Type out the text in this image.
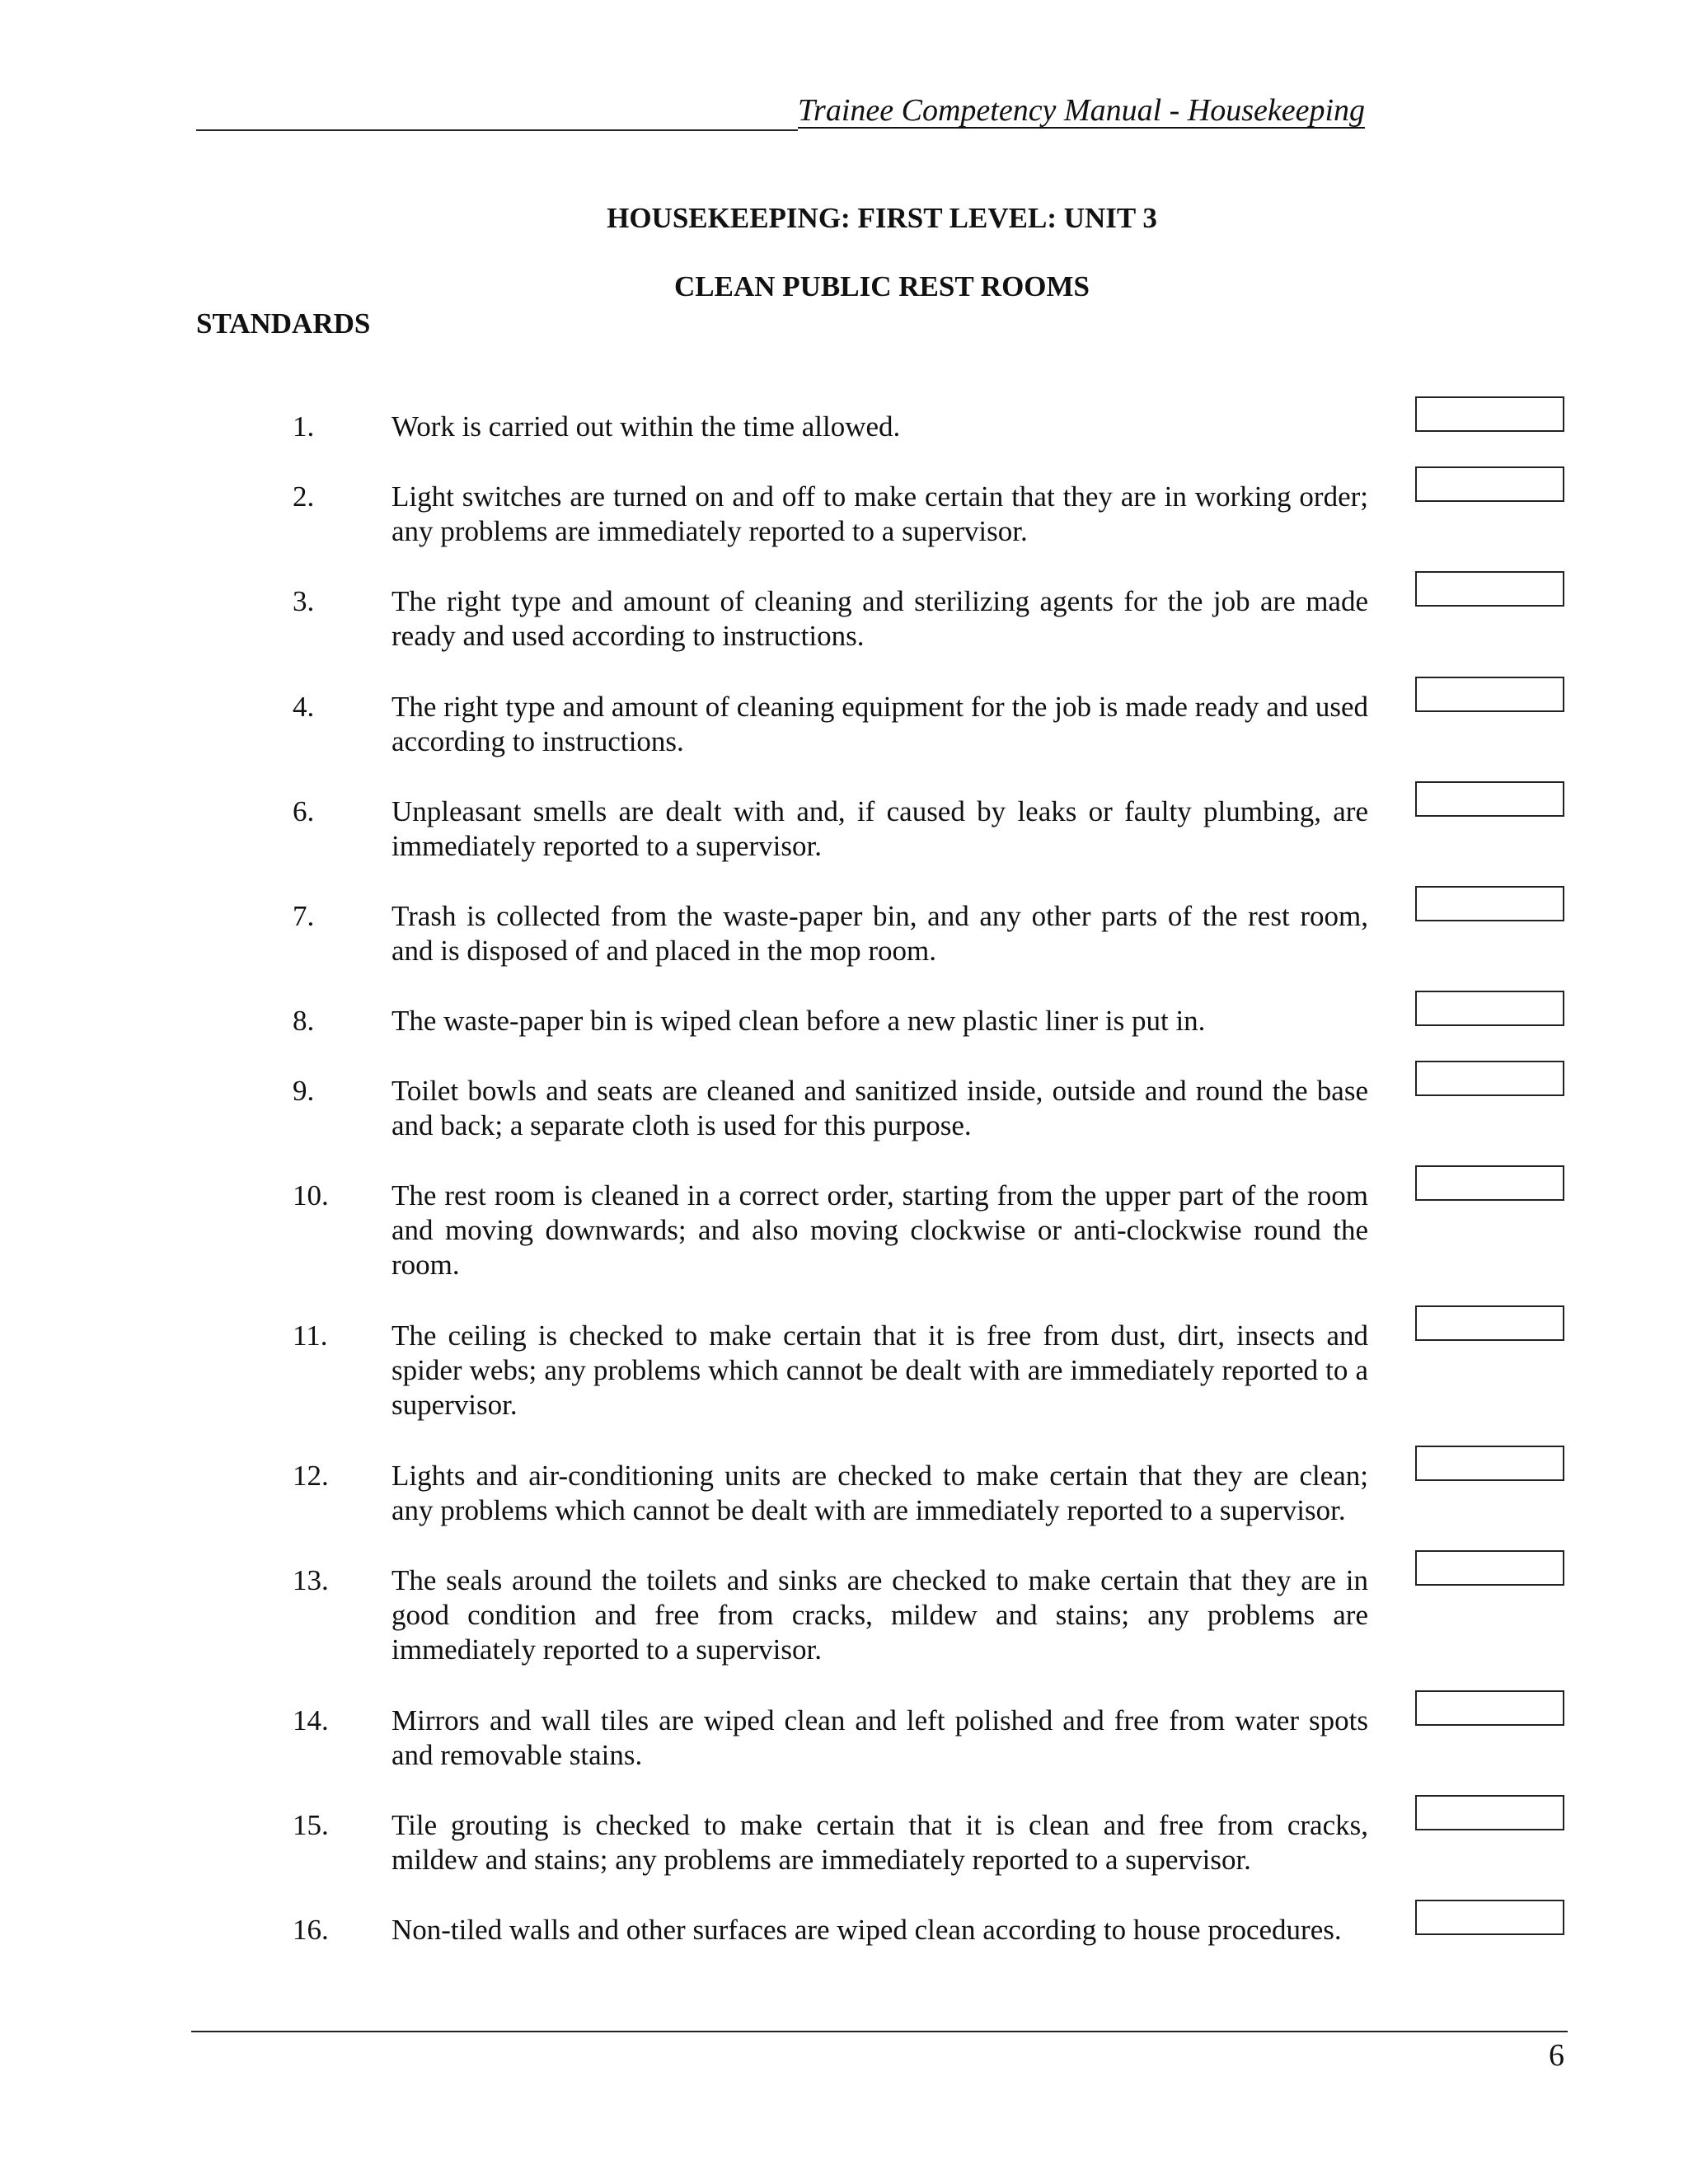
Trainee Competency Manual - Housekeeping
HOUSEKEEPING: FIRST LEVEL: UNIT 3
CLEAN PUBLIC REST ROOMS
STANDARDS
1.	Work is carried out within the time allowed.
2.	Light switches are turned on and off to make certain that they are in working order; any problems are immediately reported to a supervisor.
3.	The right type and amount of cleaning and sterilizing agents for the job are made ready and used according to instructions.
4.	The right type and amount of cleaning equipment for the job is made ready and used according to instructions.
6.	Unpleasant smells are dealt with and, if caused by leaks or faulty plumbing, are immediately reported to a supervisor.
7.	Trash is collected from the waste-paper bin, and any other parts of the rest room, and is disposed of and placed in the mop room.
8.	The waste-paper bin is wiped clean before a new plastic liner is put in.
9.	Toilet bowls and seats are cleaned and sanitized inside, outside and round the base and back; a separate cloth is used for this purpose.
10. The rest room is cleaned in a correct order, starting from the upper part of the room and moving downwards; and also moving clockwise or anti-clockwise round the room.
11. The ceiling is checked to make certain that it is free from dust, dirt, insects and spider webs; any problems which cannot be dealt with are immediately reported to a supervisor.
12. Lights and air-conditioning units are checked to make certain that they are clean; any problems which cannot be dealt with are immediately reported to a supervisor.
13. The seals around the toilets and sinks are checked to make certain that they are in good condition and free from cracks, mildew and stains; any problems are immediately reported to a supervisor.
14. Mirrors and wall tiles are wiped clean and left polished and free from water spots and removable stains.
15. Tile grouting is checked to make certain that it is clean and free from cracks, mildew and stains; any problems are immediately reported to a supervisor.
16. Non-tiled walls and other surfaces are wiped clean according to house procedures.
6
